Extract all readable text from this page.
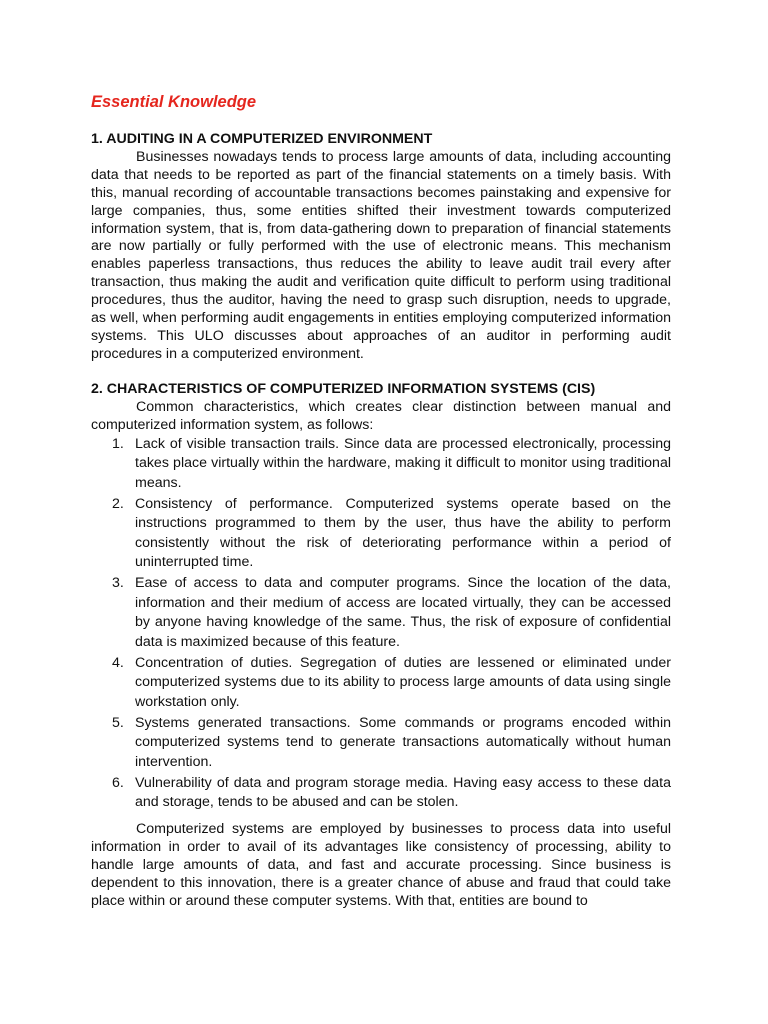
Essential Knowledge
1. AUDITING IN A COMPUTERIZED ENVIRONMENT

Businesses nowadays tends to process large amounts of data, including accounting data that needs to be reported as part of the financial statements on a timely basis. With this, manual recording of accountable transactions becomes painstaking and expensive for large companies, thus, some entities shifted their investment towards computerized information system, that is, from data-gathering down to preparation of financial statements are now partially or fully performed with the use of electronic means. This mechanism enables paperless transactions, thus reduces the ability to leave audit trail every after transaction, thus making the audit and verification quite difficult to perform using traditional procedures, thus the auditor, having the need to grasp such disruption, needs to upgrade, as well, when performing audit engagements in entities employing computerized information systems. This ULO discusses about approaches of an auditor in performing audit procedures in a computerized environment.

2. CHARACTERISTICS OF COMPUTERIZED INFORMATION SYSTEMS (CIS)

Common characteristics, which creates clear distinction between manual and computerized information system, as follows:

1. Lack of visible transaction trails. Since data are processed electronically, processing takes place virtually within the hardware, making it difficult to monitor using traditional means.
2. Consistency of performance. Computerized systems operate based on the instructions programmed to them by the user, thus have the ability to perform consistently without the risk of deteriorating performance within a period of uninterrupted time.
3. Ease of access to data and computer programs. Since the location of the data, information and their medium of access are located virtually, they can be accessed by anyone having knowledge of the same. Thus, the risk of exposure of confidential data is maximized because of this feature.
4. Concentration of duties. Segregation of duties are lessened or eliminated under computerized systems due to its ability to process large amounts of data using single workstation only.
5. Systems generated transactions. Some commands or programs encoded within computerized systems tend to generate transactions automatically without human intervention.
6. Vulnerability of data and program storage media. Having easy access to these data and storage, tends to be abused and can be stolen.

Computerized systems are employed by businesses to process data into useful information in order to avail of its advantages like consistency of processing, ability to handle large amounts of data, and fast and accurate processing. Since business is dependent to this innovation, there is a greater chance of abuse and fraud that could take place within or around these computer systems. With that, entities are bound to
